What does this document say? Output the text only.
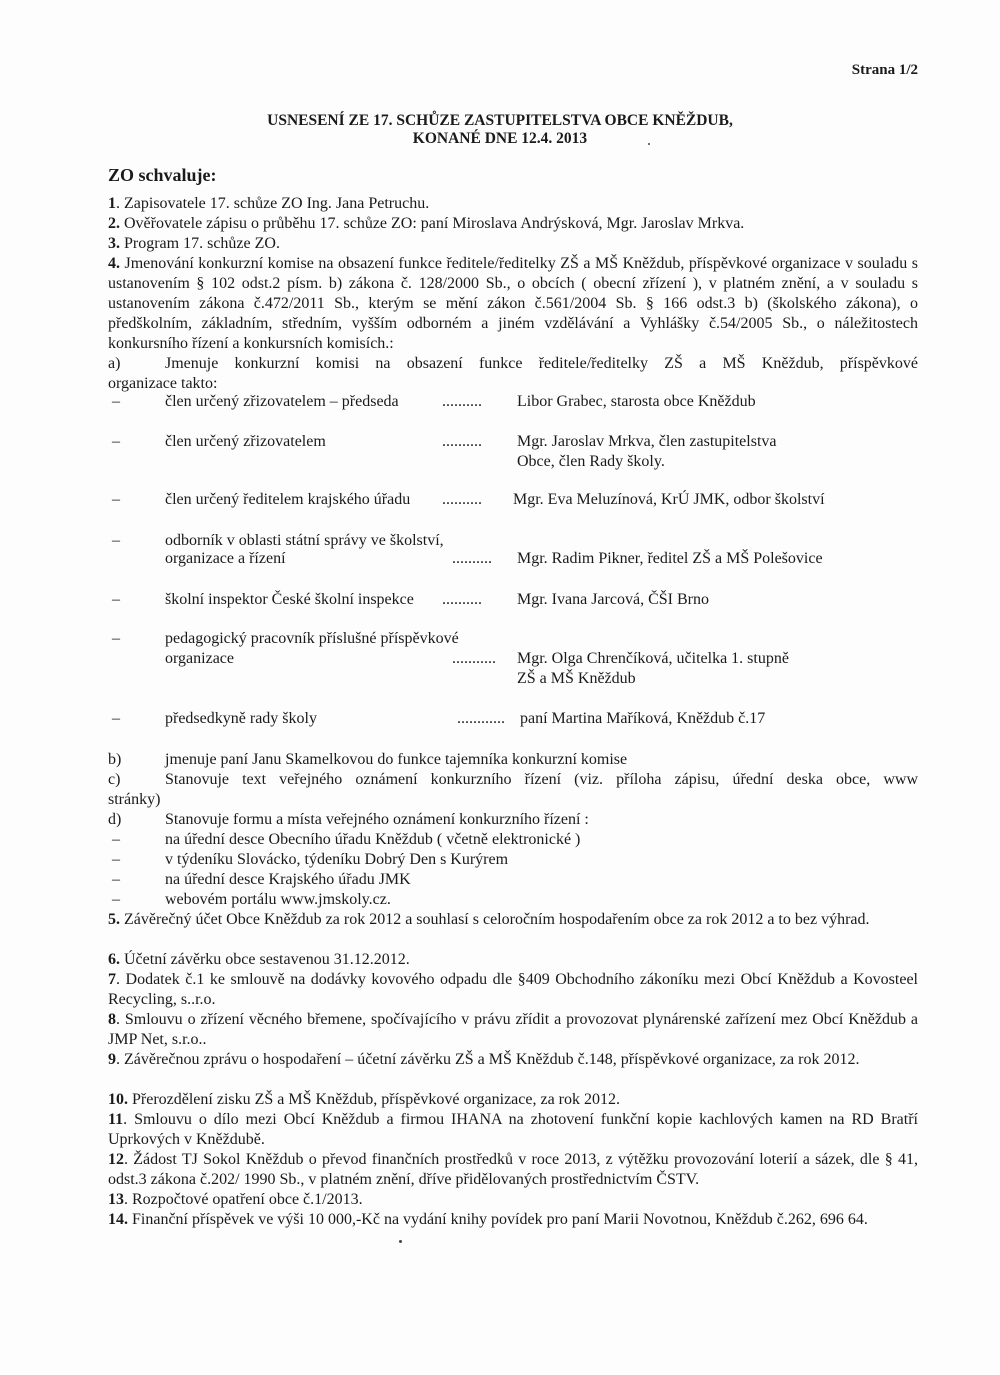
Strana 1/2
USNESENÍ ZE 17. SCHŮZE ZASTUPITELSTVA OBCE KNĚŽDUB,
KONANÉ DNE 12.4. 2013
ZO schvaluje:
1. Zapisovatele 17. schůze ZO Ing. Jana Petruchu.
2. Ověřovatele zápisu o průběhu 17. schůze ZO: paní Miroslava Andrýsková, Mgr. Jaroslav Mrkva.
3. Program 17. schůze ZO.
4. Jmenování konkurzní komise na obsazení funkce ředitele/ředitelky ZŠ a MŠ Kněždub, příspěvkové organizace v souladu s ustanovením § 102 odst.2 písm. b) zákona č. 128/2000 Sb., o obcích ( obecní zřízení ), v platném znění, a v souladu s ustanovením zákona č.472/2011 Sb., kterým se mění zákon č.561/2004 Sb. § 166 odst.3 b) (školského zákona), o předškolním, základním, středním, vyšším odborném a jiném vzdělávání a Vyhlášky č.54/2005 Sb., o náležitostech konkursního řízení a konkursních komisích.:
a)	Jmenuje konkurzní komisi na obsazení funkce ředitele/ředitelky ZŠ a MŠ Kněždub, příspěvkové
organizace takto:
–	člen určený zřizovatelem – předseda	.......... Libor Grabec, starosta obce Kněždub
–	člen určený zřizovatelem	.......... Mgr. Jaroslav Mrkva, člen zastupitelstva
Obce, člen Rady školy.
–	člen určený ředitelem krajského úřadu .......... Mgr. Eva Meluzínová, KrÚ JMK, odbor školství
–	odborník v oblasti státní správy ve školství,
organizace a řízení	.......... Mgr. Radim Pikner, ředitel ZŠ a MŠ Polešovice
–	školní inspektor České školní inspekce .......... Mgr. Ivana Jarcová, ČŠI Brno
–	pedagogický pracovník příslušné příspěvkové
organizace	........... Mgr. Olga Chrenčíková, učitelka 1. stupně
ZŠ a MŠ Kněždub
–	předsedkyně rady školy	............ paní Martina Maříková, Kněždub č.17
b)	jmenuje paní Janu Skamelkovou do funkce tajemníka konkurzní komise
c)	Stanovuje text veřejného oznámení konkurzního řízení (viz. příloha zápisu, úřední deska obce, www
stránky)
d)	Stanovuje formu a místa veřejného oznámení konkurzního řízení :
–	na úřední desce Obecního úřadu Kněždub ( včetně elektronické )
–	v týdeníku Slovácko, týdeníku Dobrý Den s Kurýrem
–	na úřední desce Krajského úřadu JMK
–	webovém portálu www.jmskoly.cz.
5. Závěrečný účet Obce Kněždub za rok 2012 a souhlasí s celoročním hospodařením obce za rok 2012 a to bez výhrad.
6. Účetní závěrku obce sestavenou 31.12.2012.
7. Dodatek č.1 ke smlouvě na dodávky kovového odpadu dle §409 Obchodního zákoníku mezi Obcí Kněždub a Kovosteel Recycling, s..r.o.
8. Smlouvu o zřízení věcného břemene, spočívajícího v právu zřídit a provozovat plynárenské zařízení mez Obcí Kněždub a JMP Net, s.r.o..
9. Závěrečnou zprávu o hospodaření – účetní závěrku ZŠ a MŠ Kněždub č.148, příspěvkové organizace, za rok 2012.
10. Přerozdělení zisku ZŠ a MŠ Kněždub, příspěvkové organizace, za rok 2012.
11. Smlouvu o dílo mezi Obcí Kněždub a firmou IHANA na zhotovení funkční kopie kachlových kamen na RD Bratří Uprkových v Kněždubě.
12. Žádost TJ Sokol Kněždub o převod finančních prostředků v roce 2013, z výtěžku provozování loterií a sázek, dle § 41, odst.3 zákona č.202/ 1990 Sb., v platném znění, dříve přidělovaných prostřednictvím ČSTV.
13. Rozpočtové opatření obce č.1/2013.
14. Finanční příspěvek ve výši 10 000,-Kč na vydání knihy povídek pro paní Marii Novotnou, Kněždub č.262, 696 64.
